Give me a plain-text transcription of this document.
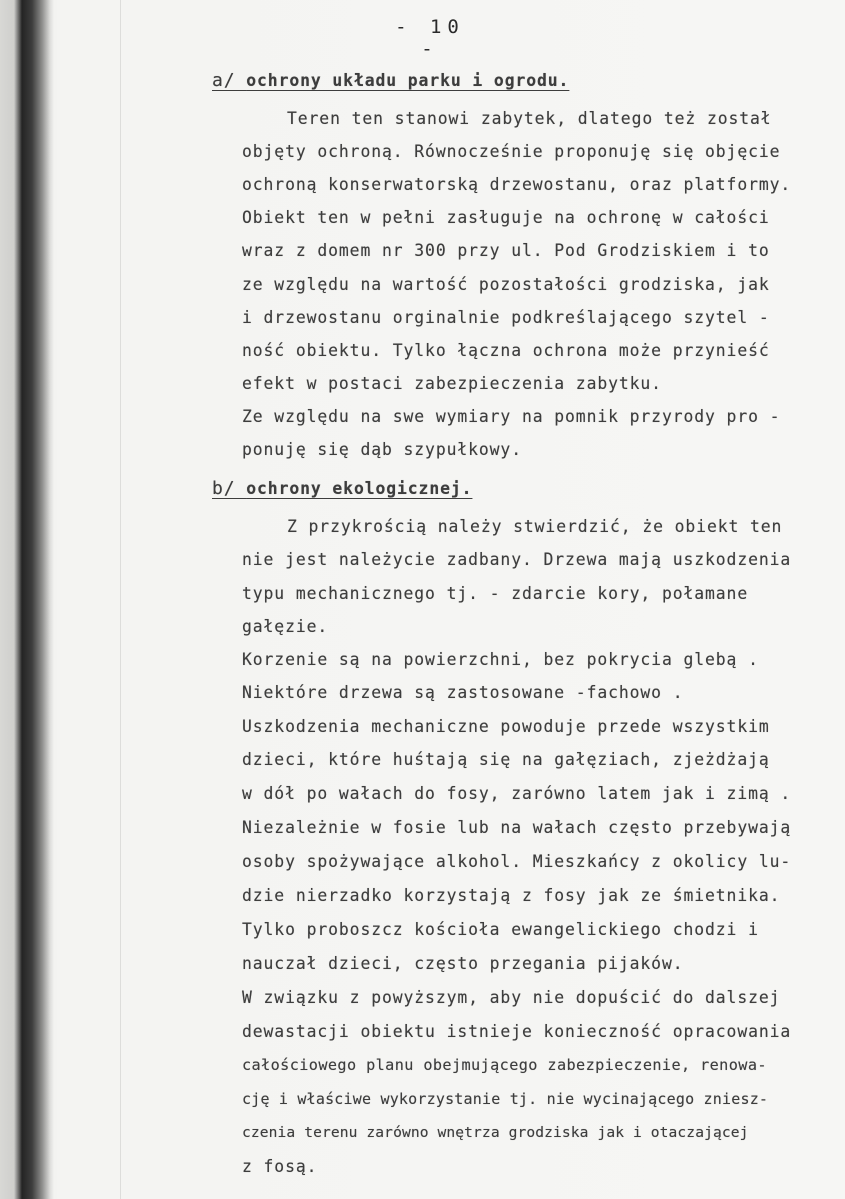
- 10 -
a/ ochrony układu parku i ogrodu.
Teren ten stanowi zabytek, dlatego też został
objęty ochroną. Równocześnie proponuję się objęcie
ochroną konserwatorską drzewostanu, oraz platformy.
Obiekt ten w pełni zasługuje na ochronę w całości
wraz z domem nr 300 przy ul. Pod Grodziskiem i to
ze względu na wartość pozostałości grodziska, jak
i drzewostanu orginalnie podkreślającego szytel -
ność obiektu. Tylko łączna ochrona może przynieść
efekt w postaci zabezpieczenia zabytku.
Ze względu na swe wymiary na pomnik przyrody pro -
ponuję się dąb szypułkowy.
b/ ochrony ekologicznej.
Z przykrością należy stwierdzić, że obiekt ten
nie jest należycie zadbany. Drzewa mają uszkodzenia
typu mechanicznego tj. - zdarcie kory, połamane
gałęzie.
Korzenie są na powierzchni, bez pokrycia glebą .
Niektóre drzewa są zastosowane -fachowo .
Uszkodzenia mechaniczne powoduje przede wszystkim
dzieci, które huśtają się na gałęziach, zjeżdżają
w dół po wałach do fosy, zarówno latem jak i zimą .
Niezależnie w fosie lub na wałach często przebywają
osoby spożywające alkohol. Mieszkańcy z okolicy lu-
dzie nierzadko korzystają z fosy jak ze śmietnika.
Tylko proboszcz kościoła ewangelickiego chodzi i
nauczał dzieci, często przegania pijaków.
W związku z powyższym, aby nie dopuścić do dalszej
dewastacji obiektu istnieje konieczność opracowania
całościowego planu obejmującego zabezpieczenie, renowa-
cję i właściwe wykorzystanie tj. nie wycinającego zniesz-
czenia terenu zarówno wnętrza grodziska jak i otaczającej
z fosą.
